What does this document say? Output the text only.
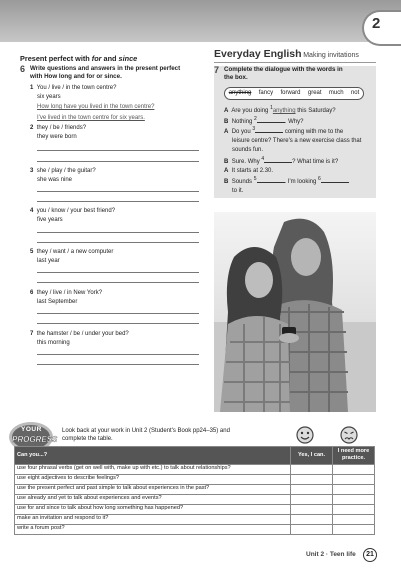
2
Present perfect with for and since
6 Write questions and answers in the present perfect
with How long and for or since.
1 You / live / in the town centre?
six years
How long have you lived in the town centre?
I've lived in the town centre for six years.
2 they / be / friends?
they were born
3 she / play / the guitar?
she was nine
4 you / know / your best friend?
five years
5 they / want / a new computer
last year
6 they / live / in New York?
last September
7 the hamster / be / under your bed?
this morning
Everyday English Making invitations
7 Complete the dialogue with the words in
the box.
anything fancy forward great much not
A Are you doing $^1$anything this Saturday?
B Nothing $^2$	. Why?
A Do you $^3$	coming with me to the
leisure centre? There's a new exercise class that
sounds fun.
B Sure. Why $^4$	? What time is it?
A It starts at 2.30.
B Sounds $^5$	. I'm looking $^6$
to it.
YOUR
PROGRESS
Look back at your work in Unit 2 (Student's Book pp24–35) and
complete the table.
Can you...?	Yes, I can.	I need more practice.
use four phrasal verbs (get on well with, make up with etc.) to talk about relationships?		
use eight adjectives to describe feelings?		
use the present perfect and past simple to talk about experiences in the past?		
use already and yet to talk about experiences and events?		
use for and since to talk about how long something has happened?		
make an invitation and respond to it?		
write a forum post?		
Unit 2 · Teen life	21
